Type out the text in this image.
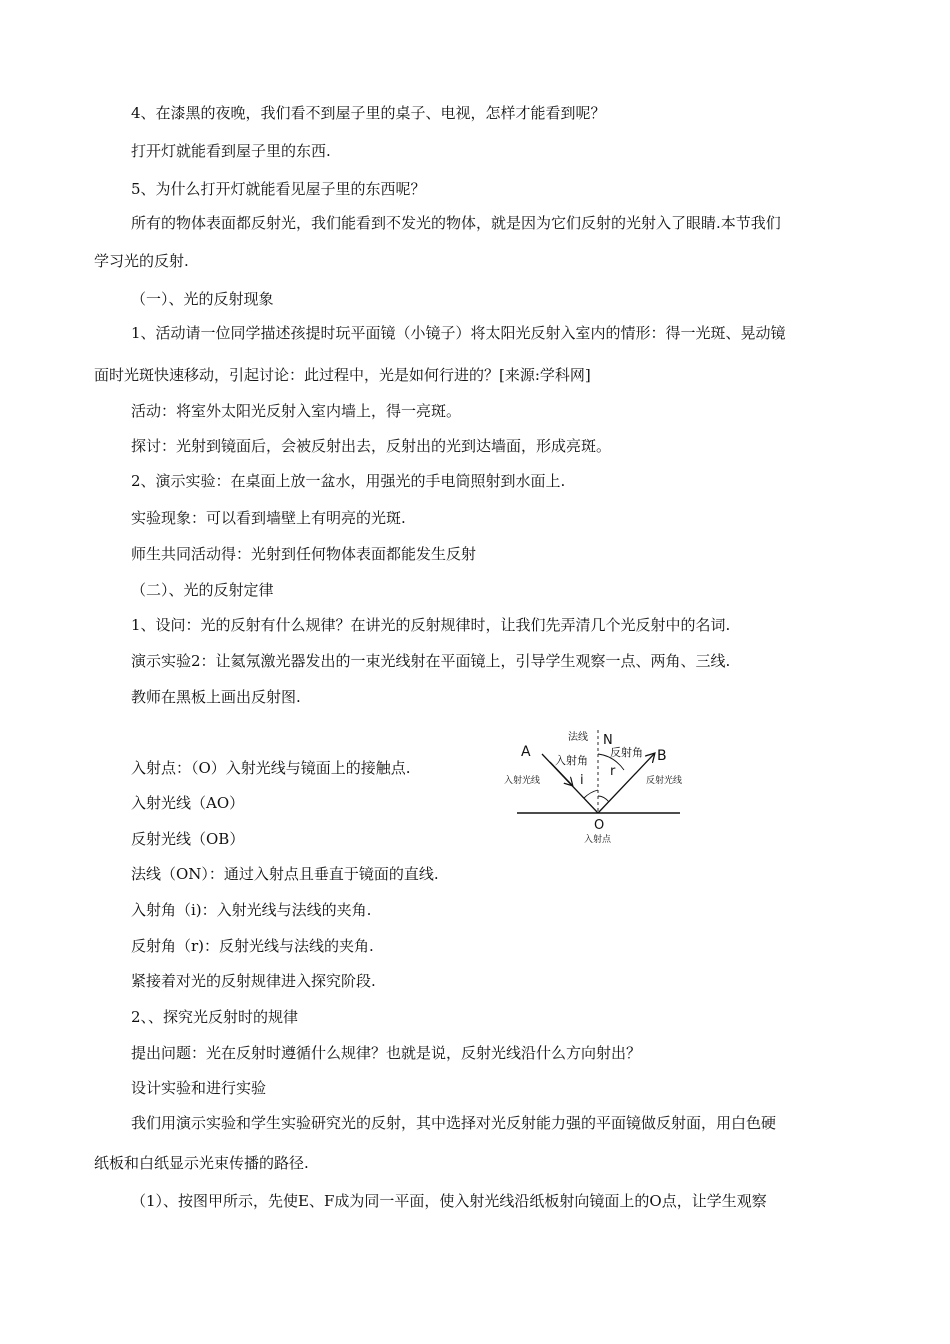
4、在漆黑的夜晚，我们看不到屋子里的桌子、电视，怎样才能看到呢？
打开灯就能看到屋子里的东西.
5、为什么打开灯就能看见屋子里的东西呢？
所有的物体表面都反射光，我们能看到不发光的物体，就是因为它们反射的光射入了眼睛.本节我们
学习光的反射.
（一）、光的反射现象
1、活动请一位同学描述孩提时玩平面镜（小镜子）将太阳光反射入室内的情形：得一光斑、晃动镜
面时光斑快速移动，引起讨论：此过程中，光是如何行进的？[来源:学科网]
活动：将室外太阳光反射入室内墙上，得一亮斑。
探讨：光射到镜面后，会被反射出去，反射出的光到达墙面，形成亮斑。
2、演示实验：在桌面上放一盆水，用强光的手电筒照射到水面上.
实验现象：可以看到墙壁上有明亮的光斑.
师生共同活动得：光射到任何物体表面都能发生反射
（二）、光的反射定律
1、设问：光的反射有什么规律？在讲光的反射规律时，让我们先弄清几个光反射中的名词.
演示实验2：让氦氖激光器发出的一束光线射在平面镜上，引导学生观察一点、两角、三线.
教师在黑板上画出反射图.
入射点：（O）入射光线与镜面上的接触点.
入射光线（AO）
反射光线（OB）
法线（ON）：通过入射点且垂直于镜面的直线.
入射角（i)：入射光线与法线的夹角.
反射角（r)：反射光线与法线的夹角.
紧接着对光的反射规律进入探究阶段.
2、、探究光反射时的规律
提出问题：光在反射时遵循什么规律？也就是说，反射光线沿什么方向射出？
设计实验和进行实验
我们用演示实验和学生实验研究光的反射，其中选择对光反射能力强的平面镜做反射面，用白色硬
纸板和白纸显示光束传播的路径.
（1）、按图甲所示，先使E、F成为同一平面，使入射光线沿纸板射向镜面上的O点，让学生观察
法线 N
A
入射角
反射角 B
入射光线	i
r
反射光线
O
入射点
